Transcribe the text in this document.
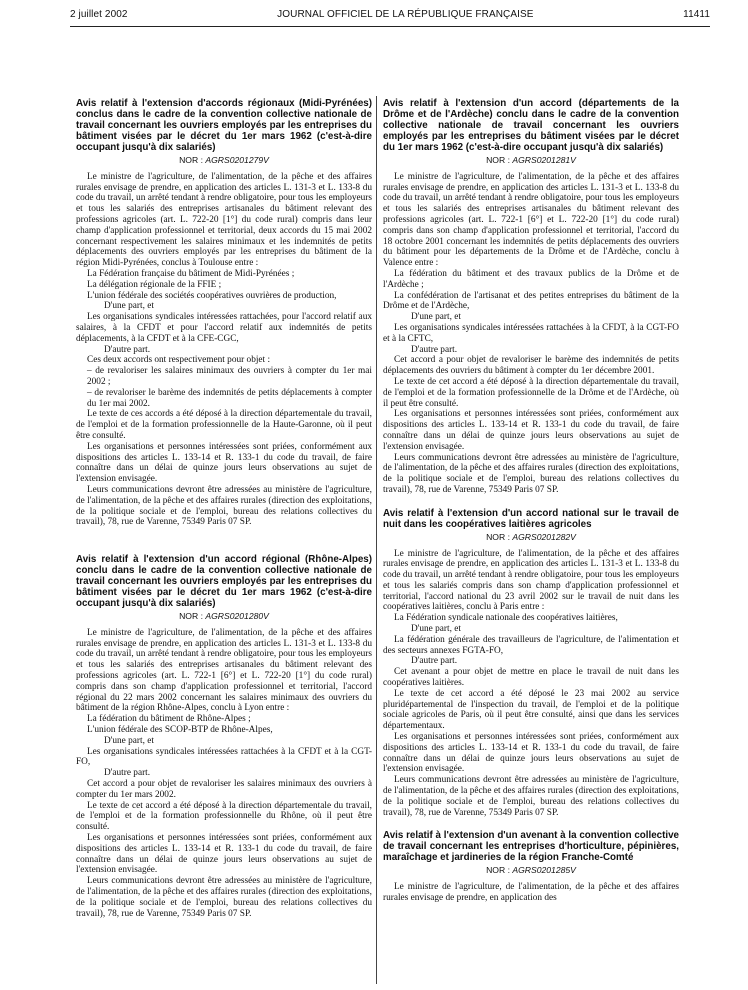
2 juillet 2002	JOURNAL OFFICIEL DE LA RÉPUBLIQUE FRANÇAISE	11411
Avis relatif à l'extension d'accords régionaux (Midi-Pyrénées) conclus dans le cadre de la convention collective nationale de travail concernant les ouvriers employés par les entreprises du bâtiment visées par le décret du 1er mars 1962 (c'est-à-dire occupant jusqu'à dix salariés)
NOR : AGRS0201279V

Le ministre de l'agriculture, de l'alimentation, de la pêche et des affaires rurales envisage de prendre, en application des articles L. 131-3 et L. 133-8 du code du travail, un arrêté tendant à rendre obligatoire, pour tous les employeurs et tous les salariés des entreprises artisanales du bâtiment relevant des professions agricoles (art. L. 722-20 [1°] du code rural) compris dans leur champ d'application professionnel et territorial, deux accords du 15 mai 2002 concernant respectivement les salaires minimaux et les indemnités de petits déplacements des ouvriers employés par les entreprises du bâtiment de la région Midi-Pyrénées, conclus à Toulouse entre :

La Fédération française du bâtiment de Midi-Pyrénées ;

La délégation régionale de la FFIE ;

L'union fédérale des sociétés coopératives ouvrières de production,

D'une part, et

Les organisations syndicales intéressées rattachées, pour l'accord relatif aux salaires, à la CFDT et pour l'accord relatif aux indemnités de petits déplacements, à la CFDT et à la CFE-CGC,

D'autre part.

Ces deux accords ont respectivement pour objet :

– de revaloriser les salaires minimaux des ouvriers à compter du 1er mai 2002 ;

– de revaloriser le barème des indemnités de petits déplacements à compter du 1er mai 2002.

Le texte de ces accords a été déposé à la direction départementale du travail, de l'emploi et de la formation professionnelle de la Haute-Garonne, où il peut être consulté.

Les organisations et personnes intéressées sont priées, conformément aux dispositions des articles L. 133-14 et R. 133-1 du code du travail, de faire connaître dans un délai de quinze jours leurs observations au sujet de l'extension envisagée.

Leurs communications devront être adressées au ministère de l'agriculture, de l'alimentation, de la pêche et des affaires rurales (direction des exploitations, de la politique sociale et de l'emploi, bureau des relations collectives du travail), 78, rue de Varenne, 75349 Paris 07 SP.

Avis relatif à l'extension d'un accord régional (Rhône-Alpes) conclu dans le cadre de la convention collective nationale de travail concernant les ouvriers employés par les entreprises du bâtiment visées par le décret du 1er mars 1962 (c'est-à-dire occupant jusqu'à dix salariés)
NOR : AGRS0201280V

Le ministre de l'agriculture, de l'alimentation, de la pêche et des affaires rurales envisage de prendre, en application des articles L. 131-3 et L. 133-8 du code du travail, un arrêté tendant à rendre obligatoire, pour tous les employeurs et tous les salariés des entreprises artisanales du bâtiment relevant des professions agricoles (art. L. 722-1 [6°] et L. 722-20 [1°] du code rural) compris dans son champ d'application professionnel et territorial, l'accord régional du 22 mars 2002 concernant les salaires minimaux des ouvriers du bâtiment de la région Rhône-Alpes, conclu à Lyon entre :

La fédération du bâtiment de Rhône-Alpes ;

L'union fédérale des SCOP-BTP de Rhône-Alpes,

D'une part, et

Les organisations syndicales intéressées rattachées à la CFDT et à la CGT-FO,

D'autre part.

Cet accord a pour objet de revaloriser les salaires minimaux des ouvriers à compter du 1er mars 2002.

Le texte de cet accord a été déposé à la direction départementale du travail, de l'emploi et de la formation professionnelle du Rhône, où il peut être consulté.

Les organisations et personnes intéressées sont priées, conformément aux dispositions des articles L. 133-14 et R. 133-1 du code du travail, de faire connaître dans un délai de quinze jours leurs observations au sujet de l'extension envisagée.

Leurs communications devront être adressées au ministère de l'agriculture, de l'alimentation, de la pêche et des affaires rurales (direction des exploitations, de la politique sociale et de l'emploi, bureau des relations collectives du travail), 78, rue de Varenne, 75349 Paris 07 SP.

Avis relatif à l'extension d'un accord (départements de la Drôme et de l'Ardèche) conclu dans le cadre de la convention collective nationale de travail concernant les ouvriers employés par les entreprises du bâtiment visées par le décret du 1er mars 1962 (c'est-à-dire occupant jusqu'à dix salariés)
NOR : AGRS0201281V

Le ministre de l'agriculture, de l'alimentation, de la pêche et des affaires rurales envisage de prendre, en application des articles L. 131-3 et L. 133-8 du code du travail, un arrêté tendant à rendre obligatoire, pour tous les employeurs et tous les salariés des entreprises artisanales du bâtiment relevant des professions agricoles (art. L. 722-1 [6°] et L. 722-20 [1°] du code rural) compris dans son champ d'application professionnel et territorial, l'accord du 18 octobre 2001 concernant les indemnités de petits déplacements des ouvriers du bâtiment pour les départements de la Drôme et de l'Ardèche, conclu à Valence entre :

La fédération du bâtiment et des travaux publics de la Drôme et de l'Ardèche ;

La confédération de l'artisanat et des petites entreprises du bâtiment de la Drôme et de l'Ardèche,

D'une part, et

Les organisations syndicales intéressées rattachées à la CFDT, à la CGT-FO et à la CFTC,

D'autre part.

Cet accord a pour objet de revaloriser le barème des indemnités de petits déplacements des ouvriers du bâtiment à compter du 1er décembre 2001.

Le texte de cet accord a été déposé à la direction départementale du travail, de l'emploi et de la formation professionnelle de la Drôme et de l'Ardèche, où il peut être consulté.

Les organisations et personnes intéressées sont priées, conformément aux dispositions des articles L. 133-14 et R. 133-1 du code du travail, de faire connaître dans un délai de quinze jours leurs observations au sujet de l'extension envisagée.

Leurs communications devront être adressées au ministère de l'agriculture, de l'alimentation, de la pêche et des affaires rurales (direction des exploitations, de la politique sociale et de l'emploi, bureau des relations collectives du travail), 78, rue de Varenne, 75349 Paris 07 SP.

Avis relatif à l'extension d'un accord national sur le travail de nuit dans les coopératives laitières agricoles
NOR : AGRS0201282V

Le ministre de l'agriculture, de l'alimentation, de la pêche et des affaires rurales envisage de prendre, en application des articles L. 131-3 et L. 133-8 du code du travail, un arrêté tendant à rendre obligatoire, pour tous les employeurs et tous les salariés compris dans son champ d'application professionnel et territorial, l'accord national du 23 avril 2002 sur le travail de nuit dans les coopératives laitières, conclu à Paris entre :

La Fédération syndicale nationale des coopératives laitières,

D'une part, et

La fédération générale des travailleurs de l'agriculture, de l'alimentation et des secteurs annexes FGTA-FO,

D'autre part.

Cet avenant a pour objet de mettre en place le travail de nuit dans les coopératives laitières.

Le texte de cet accord a été déposé le 23 mai 2002 au service pluridépartemental de l'inspection du travail, de l'emploi et de la politique sociale agricoles de Paris, où il peut être consulté, ainsi que dans les services départementaux.

Les organisations et personnes intéressées sont priées, conformément aux dispositions des articles L. 133-14 et R. 133-1 du code du travail, de faire connaître dans un délai de quinze jours leurs observations au sujet de l'extension envisagée.

Leurs communications devront être adressées au ministère de l'agriculture, de l'alimentation, de la pêche et des affaires rurales (direction des exploitations, de la politique sociale et de l'emploi, bureau des relations collectives du travail), 78, rue de Varenne, 75349 Paris 07 SP.

Avis relatif à l'extension d'un avenant à la convention collective de travail concernant les entreprises d'horticulture, pépinières, maraîchage et jardineries de la région Franche-Comté
NOR : AGRS0201285V

Le ministre de l'agriculture, de l'alimentation, de la pêche et des affaires rurales envisage de prendre, en application des
